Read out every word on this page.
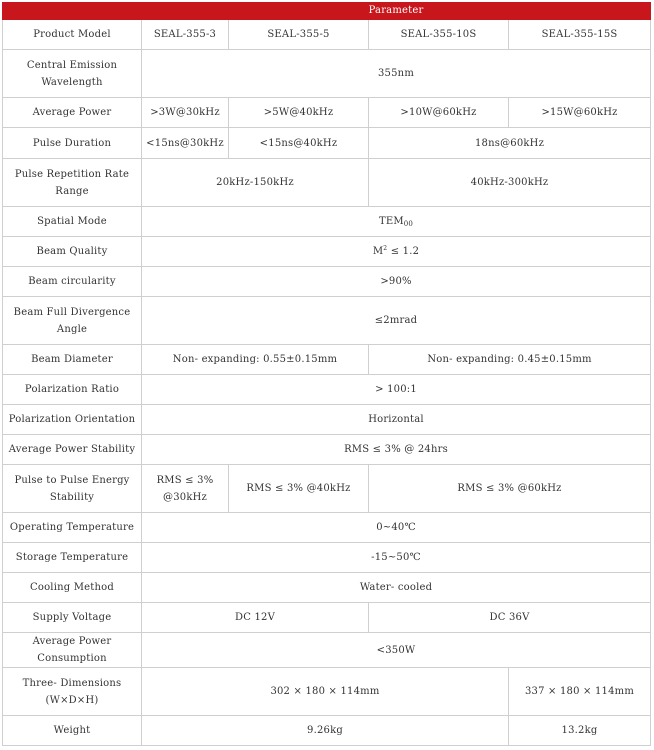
	Parameter			
Product Model	SEAL-355-3	SEAL-355-5	SEAL-355-10S	SEAL-355-15S
Central Emission Wavelength	355nm			
Average Power	>3W@30kHz	>5W@40kHz	>10W@60kHz	>15W@60kHz
Pulse Duration	<15ns@30kHz	<15ns@40kHz	18ns@60kHz	
Pulse Repetition Rate Range	20kHz-150kHz		40kHz-300kHz	
Spatial Mode	$TEM_{00}$
Beam Quality	$M^2 \le 1.2$			
Beam circularity	>90%			
Beam Full Divergence Angle	≤2mrad			
Beam Diameter	Non- expanding: 0.55±0.15mm		Non- expanding: 0.45±0.15mm	
Polarization Ratio	> 100:1			
Polarization Orientation	Horizontal			
Average Power Stability	RMS ≤ 3% @ 24hrs			
Pulse to Pulse Energy Stability	RMS ≤ 3% @30kHz	RMS ≤ 3% @40kHz	RMS ≤ 3% @60kHz	
Operating Temperature	0~40℃			
Storage Temperature	-15~50℃			
Cooling Method	Water- cooled			
Supply Voltage	DC 12V		DC 36V	
Average Power Consumption	<350W			
Three- Dimensions (W×D×H)	302 × 180 × 114mm			337 × 180 × 114mm
Weight	9.26kg			13.2kg
